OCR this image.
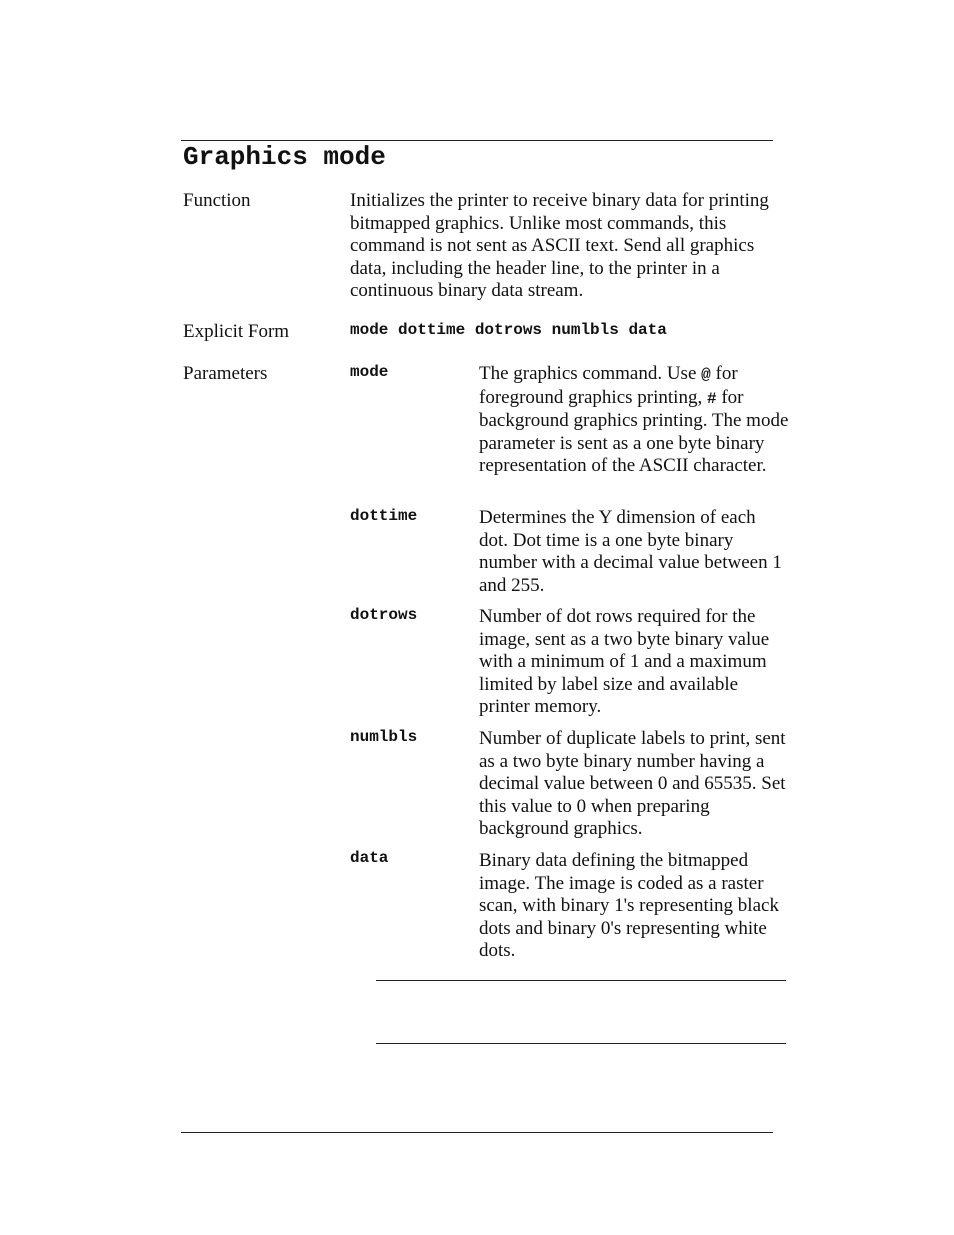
Graphics mode
Function	Initializes the printer to receive binary data for printing bitmapped graphics. Unlike most commands, this command is not sent as ASCII text. Send all graphics data, including the header line, to the printer in a continuous binary data stream.
Explicit Form	mode dottime dotrows numlbls data
Parameters	mode	The graphics command. Use @ for foreground graphics printing, # for background graphics printing. The mode parameter is sent as a one byte binary representation of the ASCII character.
dottime	Determines the Y dimension of each dot. Dot time is a one byte binary number with a decimal value between 1 and 255.
dotrows	Number of dot rows required for the image, sent as a two byte binary value with a minimum of 1 and a maximum limited by label size and available printer memory.
numlbls	Number of duplicate labels to print, sent as a two byte binary number having a decimal value between 0 and 65535. Set this value to 0 when preparing background graphics.
data	Binary data defining the bitmapped image. The image is coded as a raster scan, with binary 1's representing black dots and binary 0's representing white dots.
